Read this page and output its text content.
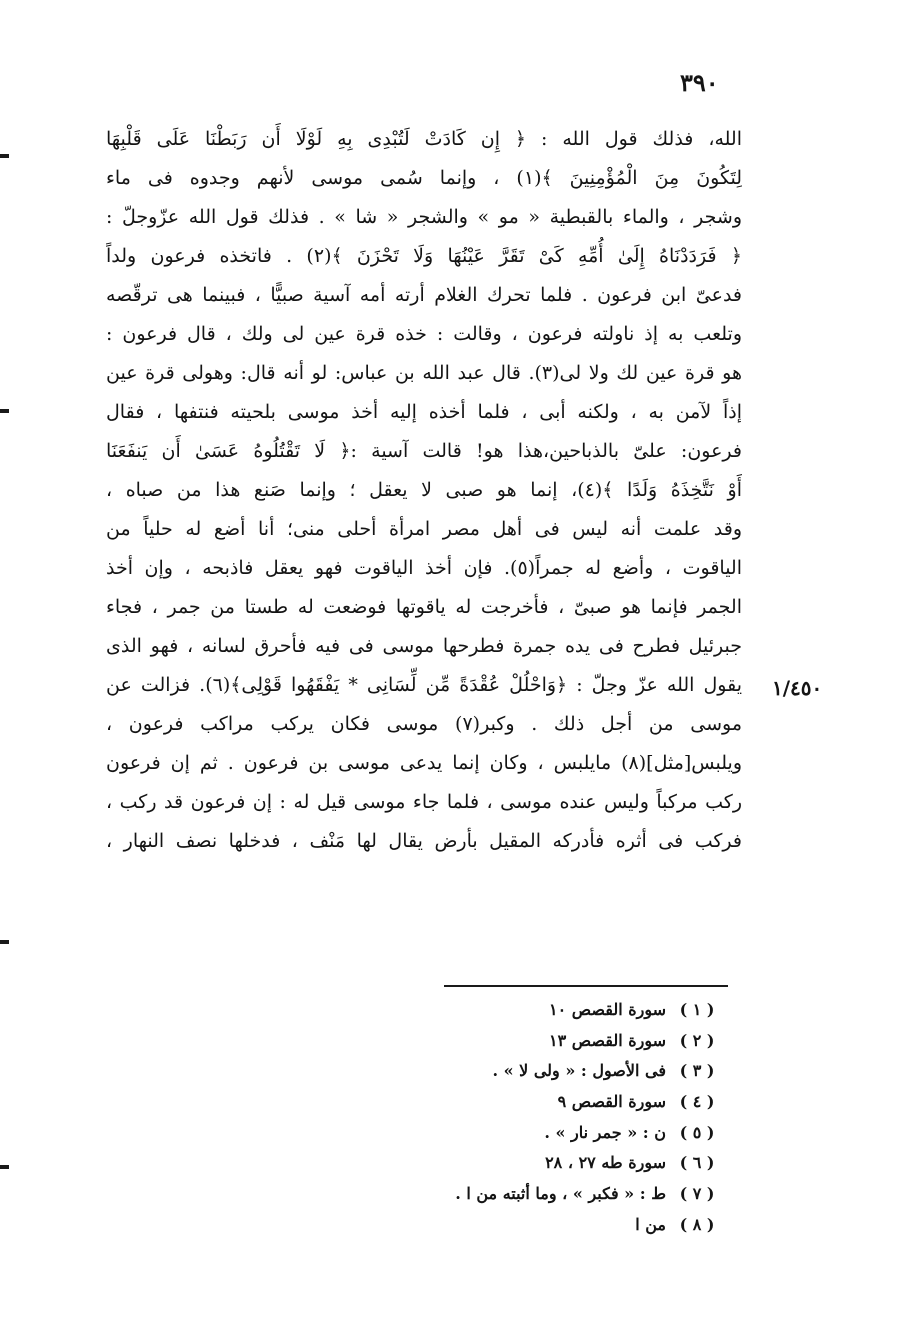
٣٩٠
١/٤٥٠
الله، فذلك قول الله : ﴿ إِن كَادَتْ لَتُبْدِى بِهِ لَوْلَا أَن رَبَطْنَا عَلَى قَلْبِهَا
لِتَكُونَ مِنَ الْمُؤْمِنِينَ ﴾(١) ، وإنما سُمى موسى لأنهم وجدوه فى ماء
وشجر ، والماء بالقبطية « مو » والشجر « شا » . فذلك قول الله عزّوجلّ :
﴿ فَرَدَدْنَاهُ إِلَىٰ أُمِّهِ كَىْ تَقَرَّ عَيْنُهَا وَلَا تَحْزَنَ ﴾(٢) . فاتخذه فرعون ولداً
فدعىّ ابن فرعون . فلما تحرك الغلام أرته أمه آسية صبيًّا ، فبينما هى ترقّصه
وتلعب به إذ ناولته فرعون ، وقالت : خذه قرة عين لى ولك ، قال فرعون :
هو قرة عين لك ولا لى(٣). قال عبد الله بن عباس: لو أنه قال: وهولى قرة عين
إذاً لآمن به ، ولكنه أبى ، فلما أخذه إليه أخذ موسى بلحيته فنتفها ، فقال
فرعون: علىّ بالذباحين،هذا هو! قالت آسية :﴿ لَا تَقْتُلُوهُ عَسَىٰ أَن يَنفَعَنَا
أَوْ نَتَّخِذَهُ وَلَدًا ﴾(٤)، إنما هو صبى لا يعقل ؛ وإنما صَنع هذا من صباه ،
وقد علمت أنه ليس فى أهل مصر امرأة أحلى منى؛ أنا أضع له حلياً من
الياقوت ، وأضع له جمراً(٥). فإن أخذ الياقوت فهو يعقل فاذبحه ، وإن أخذ
الجمر فإنما هو صبىّ ، فأخرجت له ياقوتها فوضعت له طستا من جمر ، فجاء
جبرئيل فطرح فى يده جمرة فطرحها موسى فى فيه فأحرق لسانه ، فهو الذى
يقول الله عزّ وجلّ : ﴿وَاحْلُلْ عُقْدَةً مِّن لِّسَانِى * يَفْقَهُوا قَوْلِى﴾(٦). فزالت عن
موسى من أجل ذلك . وكبر(٧) موسى فكان يركب مراكب فرعون ،
ويلبس[مثل](٨) مايلبس ، وكان إنما يدعى موسى بن فرعون . ثم إن فرعون
ركب مركباً وليس عنده موسى ، فلما جاء موسى قيل له : إن فرعون قد ركب ،
فركب فى أثره فأدركه المقيل بأرض يقال لها مَنْف ، فدخلها نصف النهار ،
( ١ )سورة القصص ١٠
( ٢ )سورة القصص ١٣
( ٣ )فى الأصول : « ولى لا » .
( ٤ )سورة القصص ٩
( ٥ )ن : « جمر نار » .
( ٦ )سورة طه ٢٧ ، ٢٨
( ٧ )ط : « فكبر » ، وما أثبته من ا .
( ٨ )من ا
